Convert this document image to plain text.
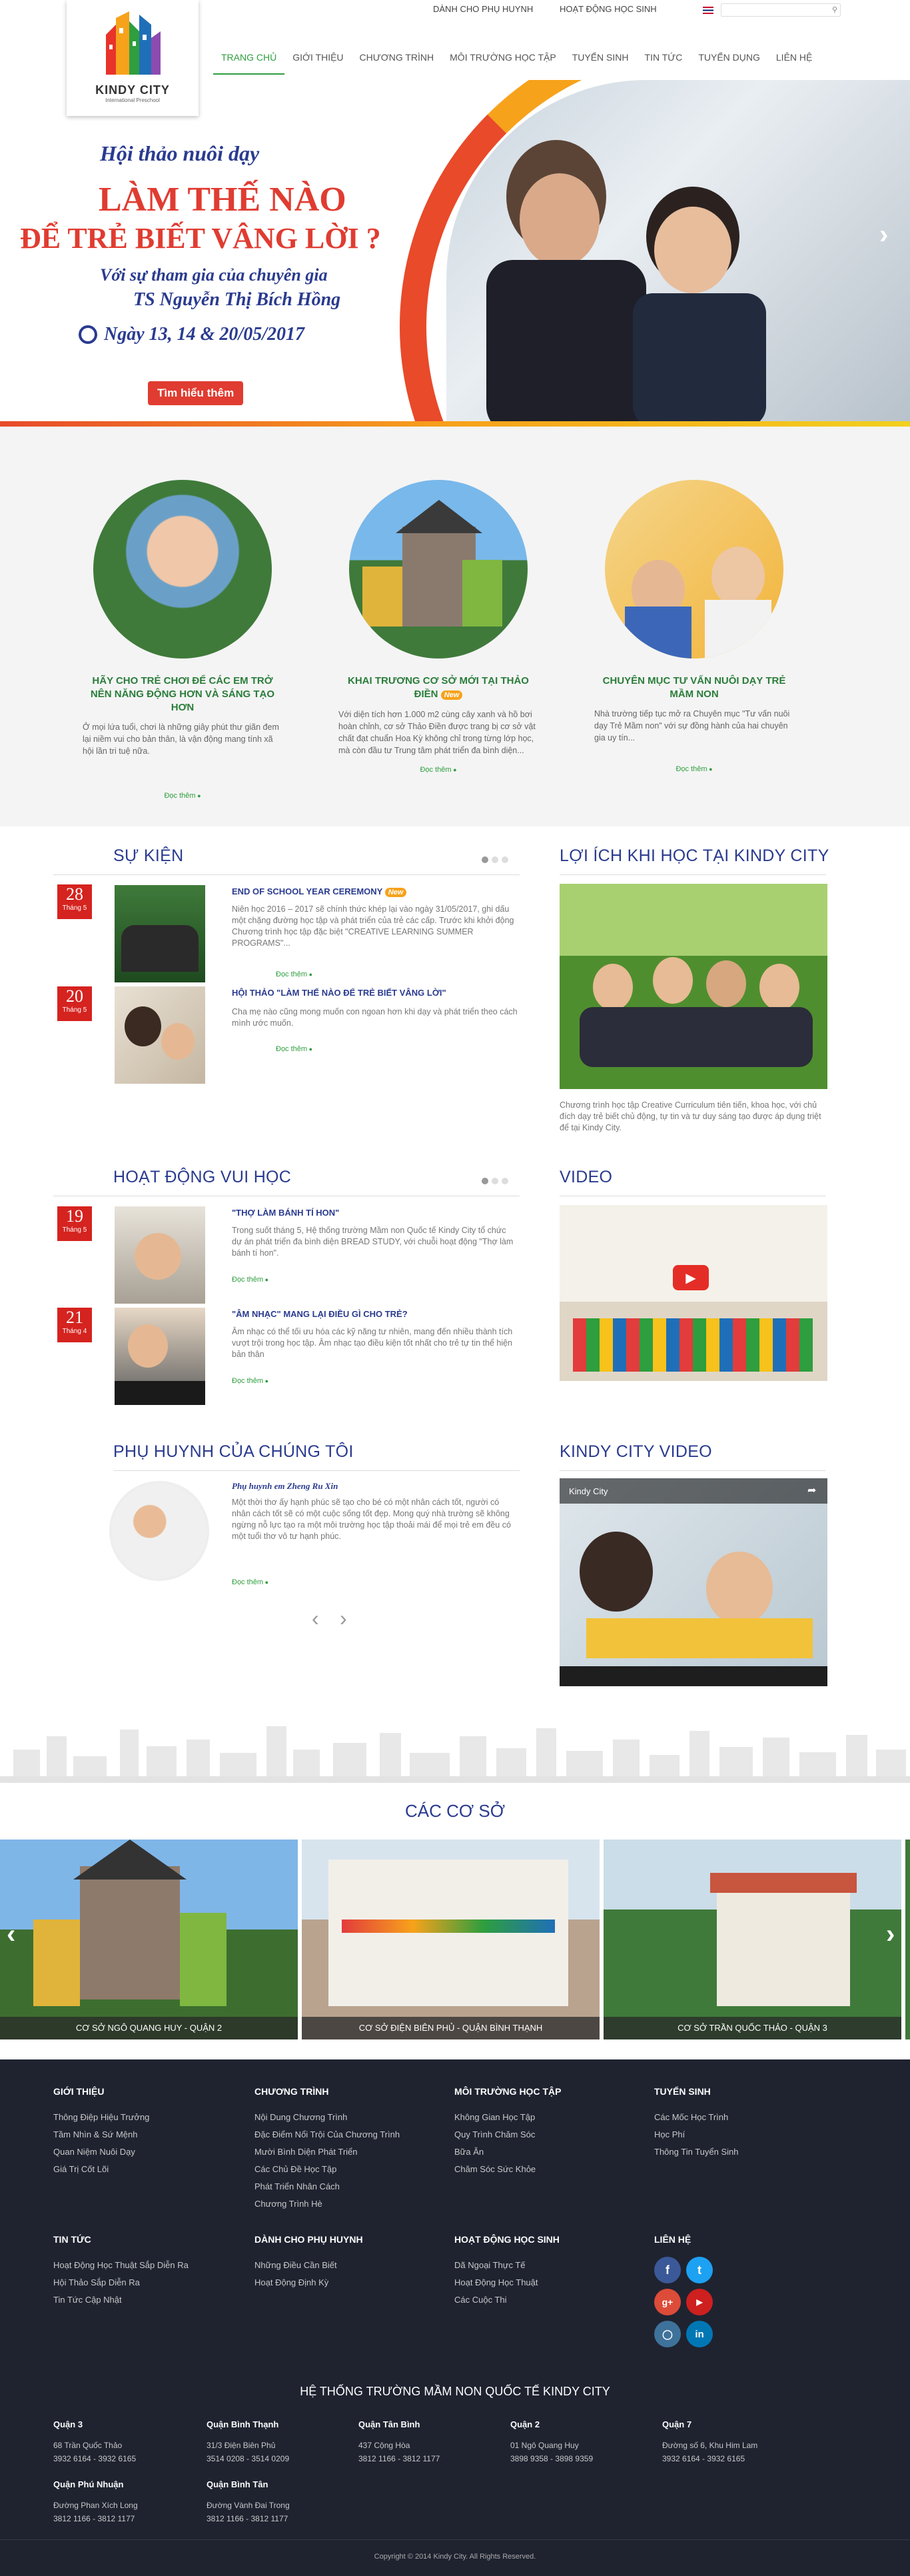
DÀNH CHO PHỤ HUYNH	HOẠT ĐỘNG HỌC SINH	⚲
KINDY CITY
International Preschool
TRANG CHỦ	GIỚI THIỆU	CHƯƠNG TRÌNH	MÔI TRƯỜNG HỌC TẬP	TUYỂN SINH	TIN TỨC	TUYỂN DỤNG	LIÊN HỆ
Hội thảo nuôi dạy
LÀM THẾ NÀO
ĐỂ TRẺ BIẾT VÂNG LỜI ?
Với sự tham gia của chuyên gia
TS Nguyễn Thị Bích Hồng
Ngày 13, 14 & 20/05/2017
Tìm hiểu thêm
›
HÃY CHO TRẺ CHƠI ĐỂ CÁC EM TRỞ NÊN NĂNG ĐỘNG HƠN VÀ SÁNG TẠO HƠN

Ở mọi lứa tuổi, chơi là những giây phút thư giãn đem lại niềm vui cho bản thân, là vận động mang tính xã hội lần tri tuệ nữa.

Đọc thêm ●
KHAI TRƯƠNG CƠ SỞ MỚI TẠI THẢO ĐIỀN New

Với diện tích hơn 1.000 m2 cùng cây xanh và hồ bơi hoàn chỉnh, cơ sở Thảo Điền được trang bị cơ sở vật chất đạt chuẩn Hoa Kỳ không chỉ trong từng lớp học, mà còn đầu tư Trung tâm phát triển đa bình diện...

Đọc thêm ●
CHUYÊN MỤC TƯ VẤN NUÔI DẠY TRẺ MẦM NON

Nhà trường tiếp tục mở ra Chuyên mục "Tư vấn nuôi dạy Trẻ Mầm non" với sự đồng hành của hai chuyên gia uy tín...

Đọc thêm ●
SỰ KIỆN
28
Tháng 5
END OF SCHOOL YEAR CEREMONY New
Niên học 2016 – 2017 sẽ chính thức khép lại vào ngày 31/05/2017, ghi dấu một chặng đường học tập và phát triển của trẻ các cấp. Trước khi khởi động Chương trình học tập đặc biệt "CREATIVE LEARNING SUMMER PROGRAMS"...
Đọc thêm ●
20
Tháng 5
HỘI THẢO "LÀM THẾ NÀO ĐỂ TRẺ BIẾT VÂNG LỜI"
Cha mẹ nào cũng mong muốn con ngoan hơn khi dạy và phát triển theo cách mình ước muốn.
Đọc thêm ●
LỢI ÍCH KHI HỌC TẠI KINDY CITY
Chương trình học tập Creative Curriculum tiên tiến, khoa học, với chủ đích dạy trẻ biết chủ động, tự tin và tư duy sáng tạo được áp dụng triệt để tại Kindy City.
HOẠT ĐỘNG VUI HỌC
19
Tháng 5
"THỢ LÀM BÁNH TÍ HON"
Trong suốt tháng 5, Hệ thống trường Mầm non Quốc tế Kindy City tổ chức dự án phát triển đa bình diện BREAD STUDY, với chuỗi hoạt động "Thợ làm bánh tí hon".
Đọc thêm ●
21
Tháng 4
"ÂM NHẠC" MANG LẠI ĐIỀU GÌ CHO TRẺ?
Âm nhạc có thể tối ưu hóa các kỹ năng tư nhiên, mang đến nhiều thành tích vượt trội trong học tập. Âm nhạc tạo điều kiện tốt nhất cho trẻ tự tin thể hiện bản thân
Đọc thêm ●
VIDEO
▶
PHỤ HUYNH CỦA CHÚNG TÔI
Phụ huynh em Zheng Ru Xin
Một thời thơ ấy hạnh phúc sẽ tạo cho bé có một nhân cách tốt, người có nhân cách tốt sẽ có một cuộc sống tốt đẹp. Mong quý nhà trường sẽ không ngừng nỗ lực tạo ra một môi trường học tập thoải mái để mọi trẻ em đều có một tuổi thơ vô tư hạnh phúc.
Đọc thêm ●
‹ ›
KINDY CITY VIDEO
Kindy City	➦
CÁC CƠ SỞ
CƠ SỞ NGÔ QUANG HUY - QUẬN 2	CƠ SỞ ĐIỆN BIÊN PHỦ - QUẬN BÌNH THẠNH	CƠ SỞ TRẦN QUỐC THẢO - QUẬN 3
‹	›
GIỚI THIỆU
Thông Điệp Hiệu Trưởng
Tầm Nhìn & Sứ Mệnh
Quan Niệm Nuôi Dạy
Giá Trị Cốt Lõi
CHƯƠNG TRÌNH
Nội Dung Chương Trình
Đặc Điểm Nổi Trội Của Chương Trình
Mười Bình Diện Phát Triển
Các Chủ Đề Học Tập
Phát Triển Nhân Cách
Chương Trình Hè
MÔI TRƯỜNG HỌC TẬP
Không Gian Học Tập
Quy Trình Chăm Sóc
Bữa Ăn
Chăm Sóc Sức Khỏe
TUYỂN SINH
Các Mốc Học Trình
Học Phí
Thông Tin Tuyển Sinh
TIN TỨC
Hoạt Động Học Thuật Sắp Diễn Ra
Hội Thảo Sắp Diễn Ra
Tin Tức Cập Nhật
DÀNH CHO PHỤ HUYNH
Những Điều Cần Biết
Hoạt Động Định Kỳ
HOẠT ĐỘNG HỌC SINH
Dã Ngoại Thực Tế
Hoạt Động Học Thuật
Các Cuộc Thi
LIÊN HỆ
f	t
g+	▶
◯	in
HỆ THỐNG TRƯỜNG MẦM NON QUỐC TẾ KINDY CITY
Quận 3

68 Trần Quốc Thảo

3932 6164 - 3932 6165

Quận Bình Thạnh

31/3 Điện Biên Phủ

3514 0208 - 3514 0209

Quận Tân Bình

437 Cộng Hòa

3812 1166 - 3812 1177

Quận 2

01 Ngô Quang Huy

3898 9358 - 3898 9359

Quận 7

Đường số 6, Khu Him Lam

3932 6164 - 3932 6165

Quận Phú Nhuận

Đường Phan Xích Long

3812 1166 - 3812 1177

Quận Bình Tân

Đường Vành Đai Trong

3812 1166 - 3812 1177

Copyright © 2014 Kindy City. All Rights Reserved.
